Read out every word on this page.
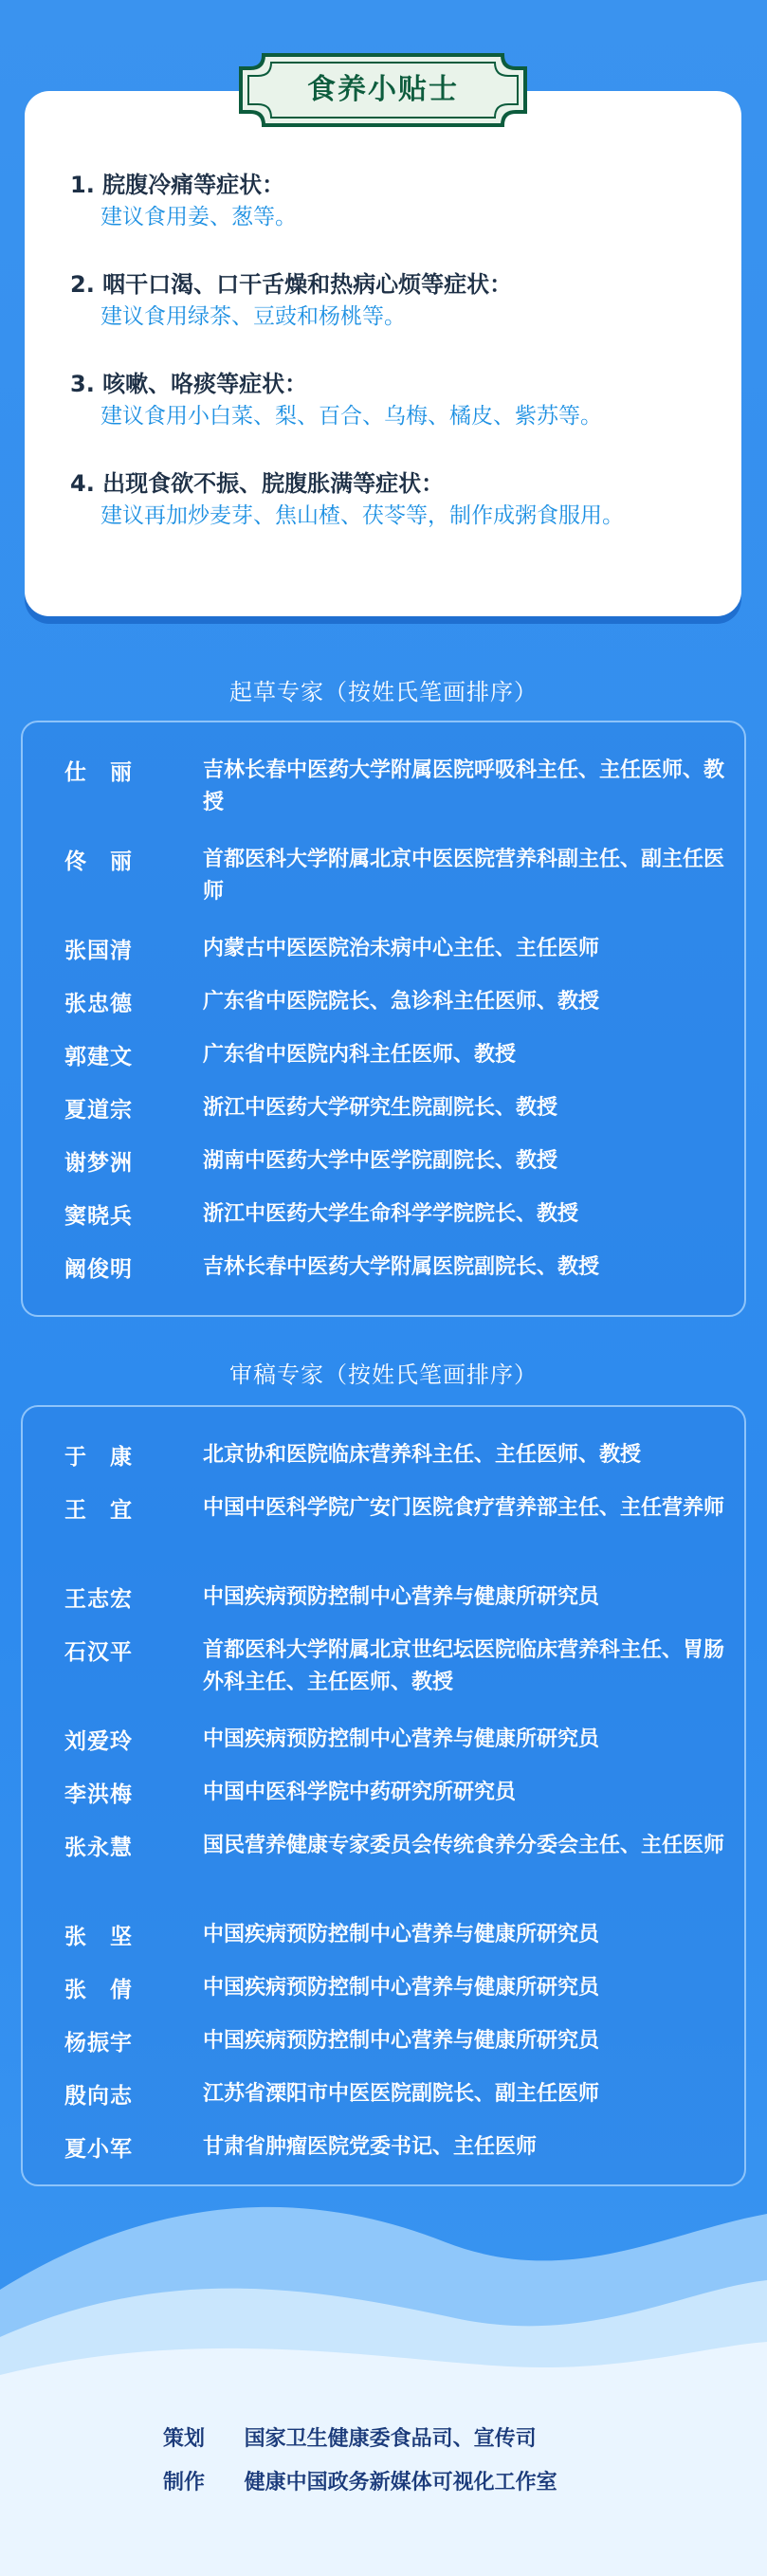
食养小贴士
1. 脘腹冷痛等症状：
建议食用姜、葱等。
2. 咽干口渴、口干舌燥和热病心烦等症状：
建议食用绿茶、豆豉和杨桃等。
3. 咳嗽、咯痰等症状：
建议食用小白菜、梨、百合、乌梅、橘皮、紫苏等。
4. 出现食欲不振、脘腹胀满等症状：
建议再加炒麦芽、焦山楂、茯苓等，制作成粥食服用。
起草专家（按姓氏笔画排序）
仕　丽	吉林长春中医药大学附属医院呼吸科主任、主任医师、教授
佟　丽	首都医科大学附属北京中医医院营养科副主任、副主任医师
张国清	内蒙古中医医院治未病中心主任、主任医师
张忠德	广东省中医院院长、急诊科主任医师、教授
郭建文	广东省中医院内科主任医师、教授
夏道宗	浙江中医药大学研究生院副院长、教授
谢梦洲	湖南中医药大学中医学院副院长、教授
窦晓兵	浙江中医药大学生命科学学院院长、教授
阚俊明	吉林长春中医药大学附属医院副院长、教授
审稿专家（按姓氏笔画排序）
于　康	北京协和医院临床营养科主任、主任医师、教授
王　宜	中国中医科学院广安门医院食疗营养部主任、主任营养师
王志宏	中国疾病预防控制中心营养与健康所研究员
石汉平	首都医科大学附属北京世纪坛医院临床营养科主任、胃肠外科主任、主任医师、教授
刘爱玲	中国疾病预防控制中心营养与健康所研究员
李洪梅	中国中医科学院中药研究所研究员
张永慧	国民营养健康专家委员会传统食养分委会主任、主任医师
张　坚	中国疾病预防控制中心营养与健康所研究员
张　倩	中国疾病预防控制中心营养与健康所研究员
杨振宇	中国疾病预防控制中心营养与健康所研究员
殷向志	江苏省溧阳市中医医院副院长、副主任医师
夏小军	甘肃省肿瘤医院党委书记、主任医师
策划 国家卫生健康委食品司、宣传司
制作 健康中国政务新媒体可视化工作室
